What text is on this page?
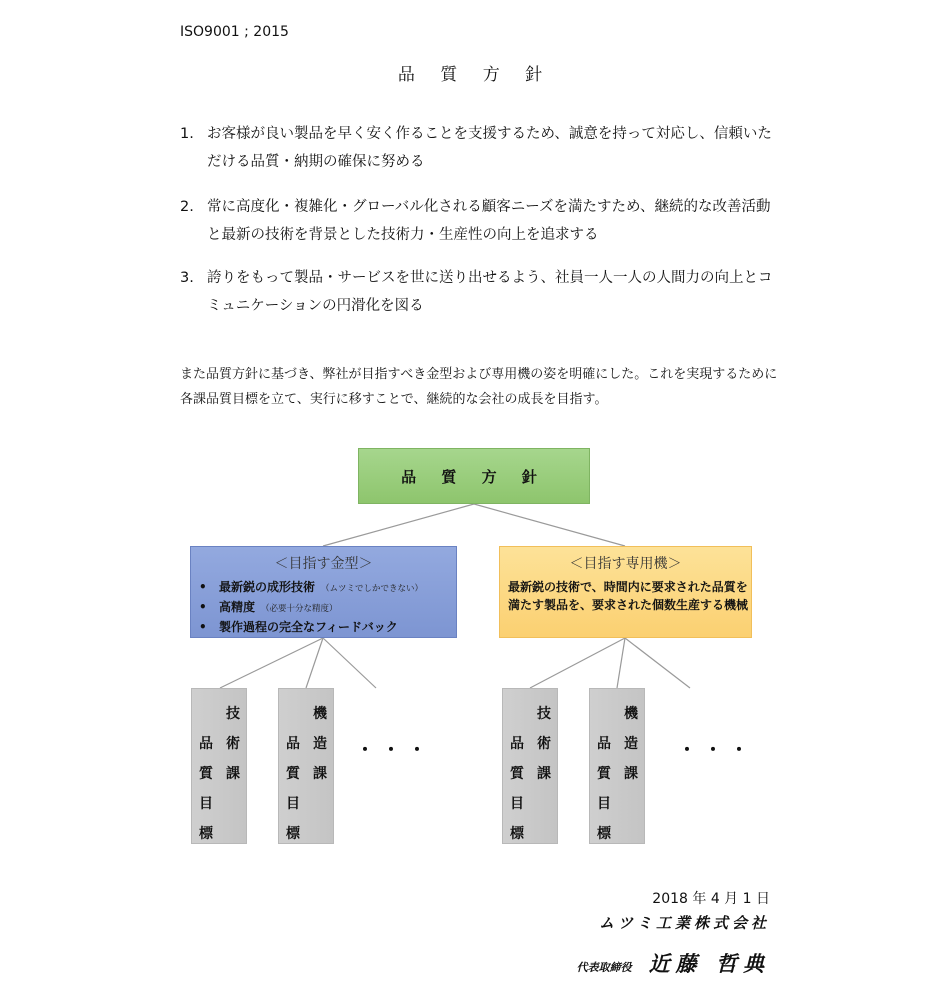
ISO9001 ; 2015
品 質 方 針
1. お客様が良い製品を早く安く作ることを支援するため、誠意を持って対応し、信頼いただける品質・納期の確保に努める
2. 常に高度化・複雑化・グローバル化される顧客ニーズを満たすため、継続的な改善活動と最新の技術を背景とした技術力・生産性の向上を追求する
3. 誇りをもって製品・サービスを世に送り出せるよう、社員一人一人の人間力の向上とコミュニケーションの円滑化を図る
また品質方針に基づき、弊社が目指すべき金型および専用機の姿を明確にした。これを実現するために各課品質目標を立て、実行に移すことで、継続的な会社の成長を目指す。
品 質 方 針
＜目指す金型＞
• 最新鋭の成形技術 （ムツミでしかできない）
• 高精度 （必要十分な精度）
• 製作過程の完全なフィードバック
＜目指す専用機＞
最新鋭の技術で、時間内に要求された品質を満たす製品を、要求された個数生産する機械
技
術
課
品
質
目
標
機
造
課
品
質
目
標
・・・
技
術
課
品
質
目
標
機
造
課
品
質
目
標
・・・
2018 年 4 月 1 日
ムツミ工業株式会社
代表取締役 近藤 哲典
